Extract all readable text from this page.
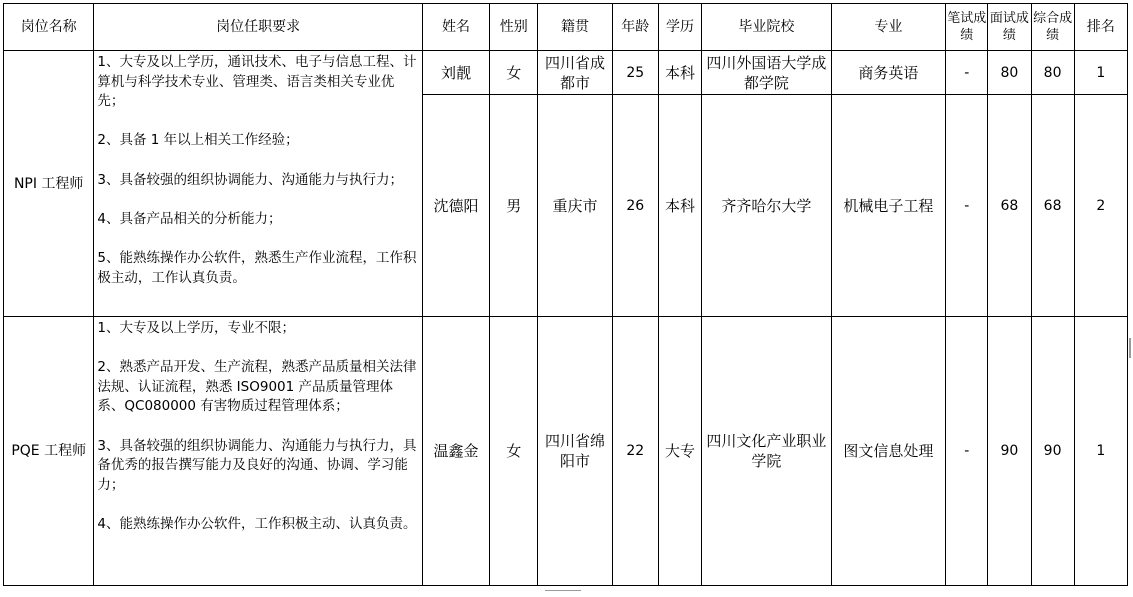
岗位名称	岗位任职要求	姓名	性别	籍贯	年龄	学历	毕业院校	专业	笔试成绩	面试成绩	综合成绩	排名
NPI 工程师	1、大专及以上学历，通讯技术、电子与信息工程、计算机与科学技术专业、管理类、语言类相关专业优先；

2、具备 1 年以上相关工作经验；

3、具备较强的组织协调能力、沟通能力与执行力；

4、具备产品相关的分析能力；

5、能熟练操作办公软件，熟悉生产作业流程，工作积极主动，工作认真负责。	刘靓	女	四川省成都市	25	本科	四川外国语大学成都学院	商务英语	-	80	80	1
		沈德阳	男	重庆市	26	本科	齐齐哈尔大学	机械电子工程	-	68	68	2
PQE 工程师	1、大专及以上学历，专业不限；

2、熟悉产品开发、生产流程，熟悉产品质量相关法律法规、认证流程，熟悉 ISO9001 产品质量管理体系、QC080000 有害物质过程管理体系；

3、具备较强的组织协调能力、沟通能力与执行力，具备优秀的报告撰写能力及良好的沟通、协调、学习能力；

4、能熟练操作办公软件，工作积极主动、认真负责。	温鑫金	女	四川省绵阳市	22	大专	四川文化产业职业学院	图文信息处理	-	90	90	1
